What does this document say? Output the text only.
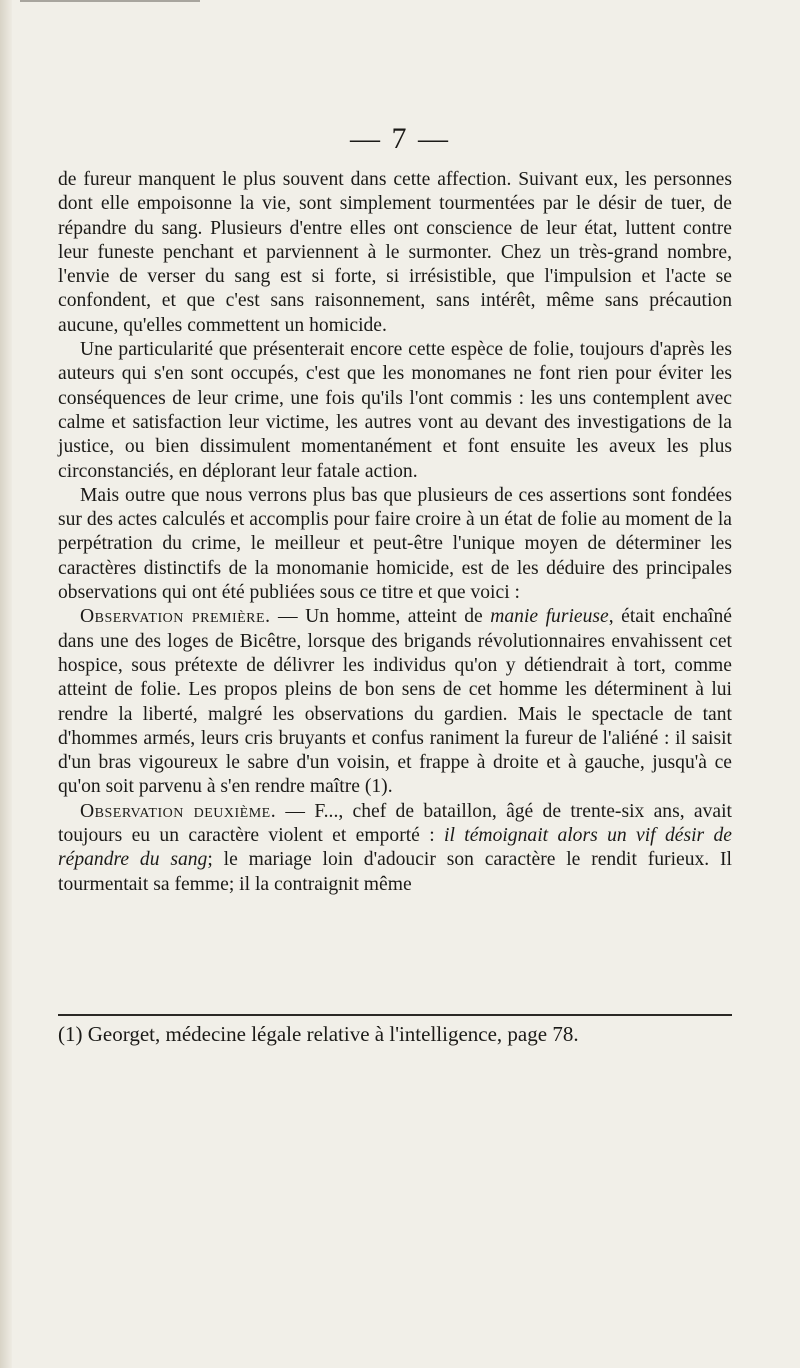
— 7 —

de fureur manquent le plus souvent dans cette affection. Suivant eux, les personnes dont elle empoisonne la vie, sont simplement tourmentées par le désir de tuer, de répandre du sang. Plusieurs d'entre elles ont conscience de leur état, luttent contre leur funeste penchant et parviennent à le surmonter. Chez un très-grand nombre, l'envie de verser du sang est si forte, si irrésistible, que l'impulsion et l'acte se confondent, et que c'est sans raisonnement, sans intérêt, même sans précaution aucune, qu'elles commettent un homicide.

Une particularité que présenterait encore cette espèce de folie, toujours d'après les auteurs qui s'en sont occupés, c'est que les monomanes ne font rien pour éviter les conséquences de leur crime, une fois qu'ils l'ont commis : les uns contemplent avec calme et satisfaction leur victime, les autres vont au devant des investigations de la justice, ou bien dissimulent momentanément et font ensuite les aveux les plus circonstanciés, en déplorant leur fatale action.

Mais outre que nous verrons plus bas que plusieurs de ces assertions sont fondées sur des actes calculés et accomplis pour faire croire à un état de folie au moment de la perpétration du crime, le meilleur et peut-être l'unique moyen de déterminer les caractères distinctifs de la monomanie homicide, est de les déduire des principales observations qui ont été publiées sous ce titre et que voici :

Observation première. — Un homme, atteint de manie furieuse, était enchaîné dans une des loges de Bicêtre, lorsque des brigands révolutionnaires envahissent cet hospice, sous prétexte de délivrer les individus qu'on y détiendrait à tort, comme atteint de folie. Les propos pleins de bon sens de cet homme les déterminent à lui rendre la liberté, malgré les observations du gardien. Mais le spectacle de tant d'hommes armés, leurs cris bruyants et confus raniment la fureur de l'aliéné : il saisit d'un bras vigoureux le sabre d'un voisin, et frappe à droite et à gauche, jusqu'à ce qu'on soit parvenu à s'en rendre maître (1).

Observation deuxième. — F..., chef de bataillon, âgé de trente-six ans, avait toujours eu un caractère violent et emporté : il témoignait alors un vif désir de répandre du sang; le mariage loin d'adoucir son caractère le rendit furieux. Il tourmentait sa femme; il la contraignit même

(1) Georget, médecine légale relative à l'intelligence, page 78.
